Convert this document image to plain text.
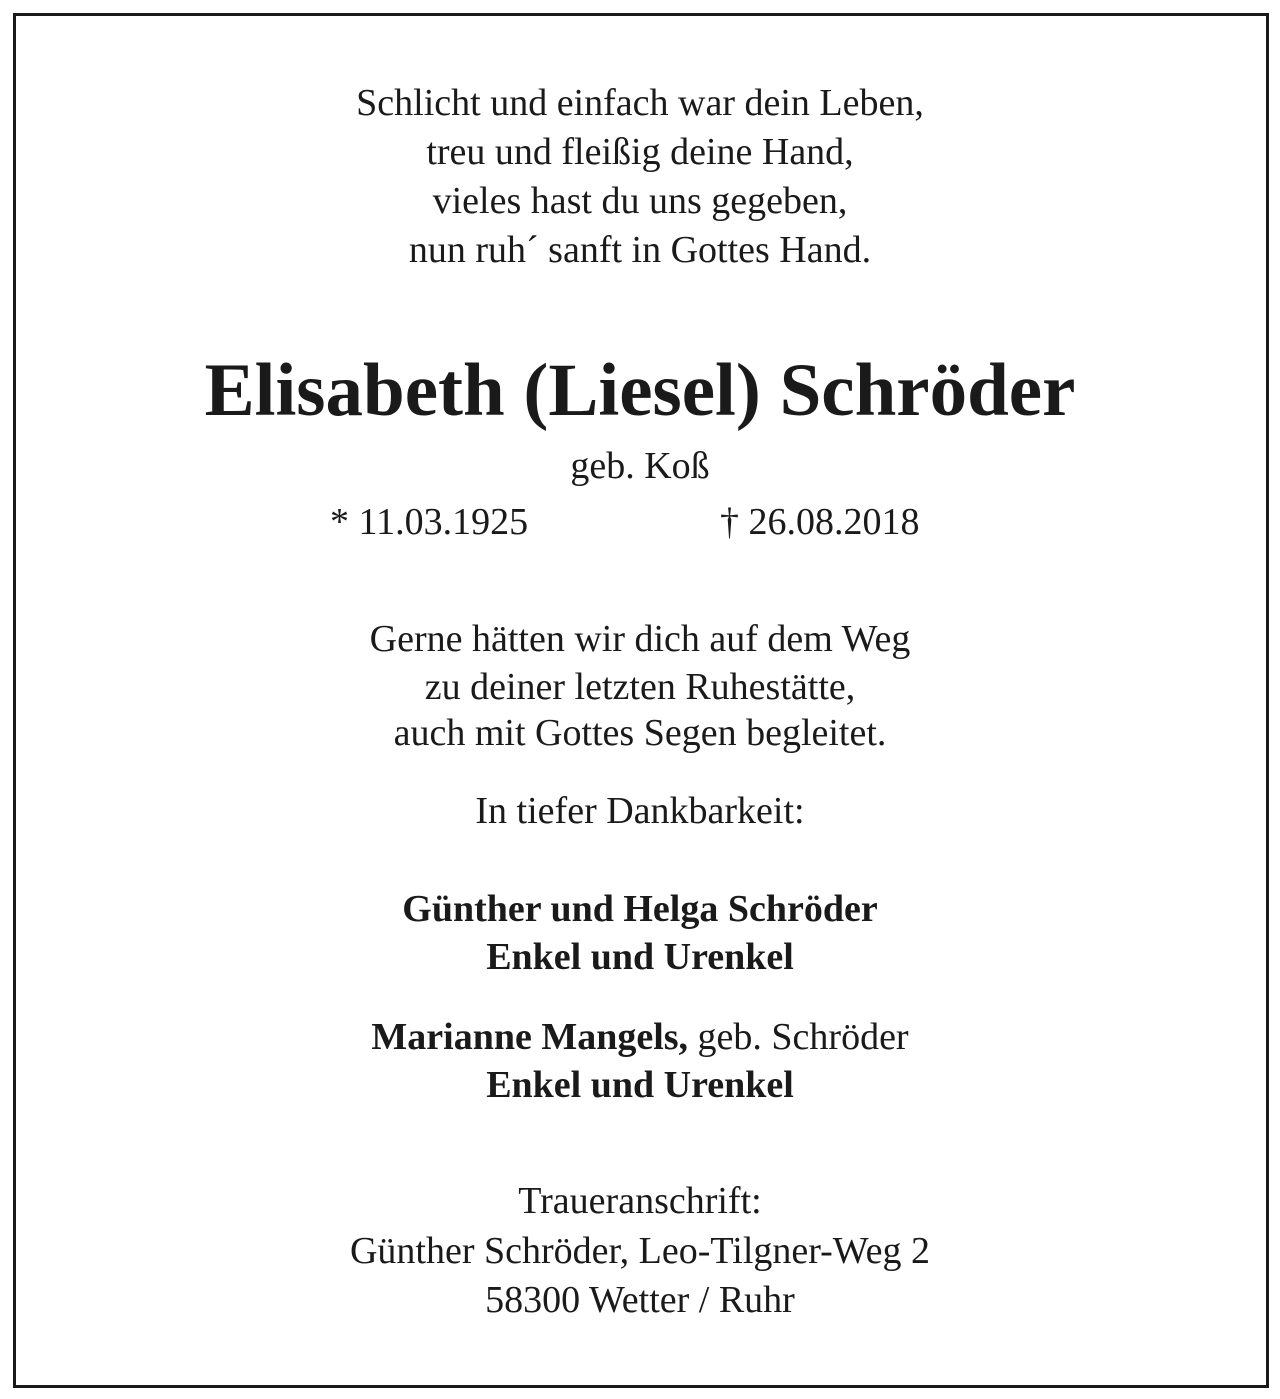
Schlicht und einfach war dein Leben,
treu und fleißig deine Hand,
vieles hast du uns gegeben,
nun ruh´ sanft in Gottes Hand.
Elisabeth (Liesel) Schröder
geb. Koß
* 11.03.1925	† 26.08.2018
Gerne hätten wir dich auf dem Weg
zu deiner letzten Ruhestätte,
auch mit Gottes Segen begleitet.
In tiefer Dankbarkeit:
Günther und Helga Schröder
Enkel und Urenkel
Marianne Mangels, geb. Schröder
Enkel und Urenkel
Traueranschrift:
Günther Schröder, Leo-Tilgner-Weg 2
58300 Wetter / Ruhr
